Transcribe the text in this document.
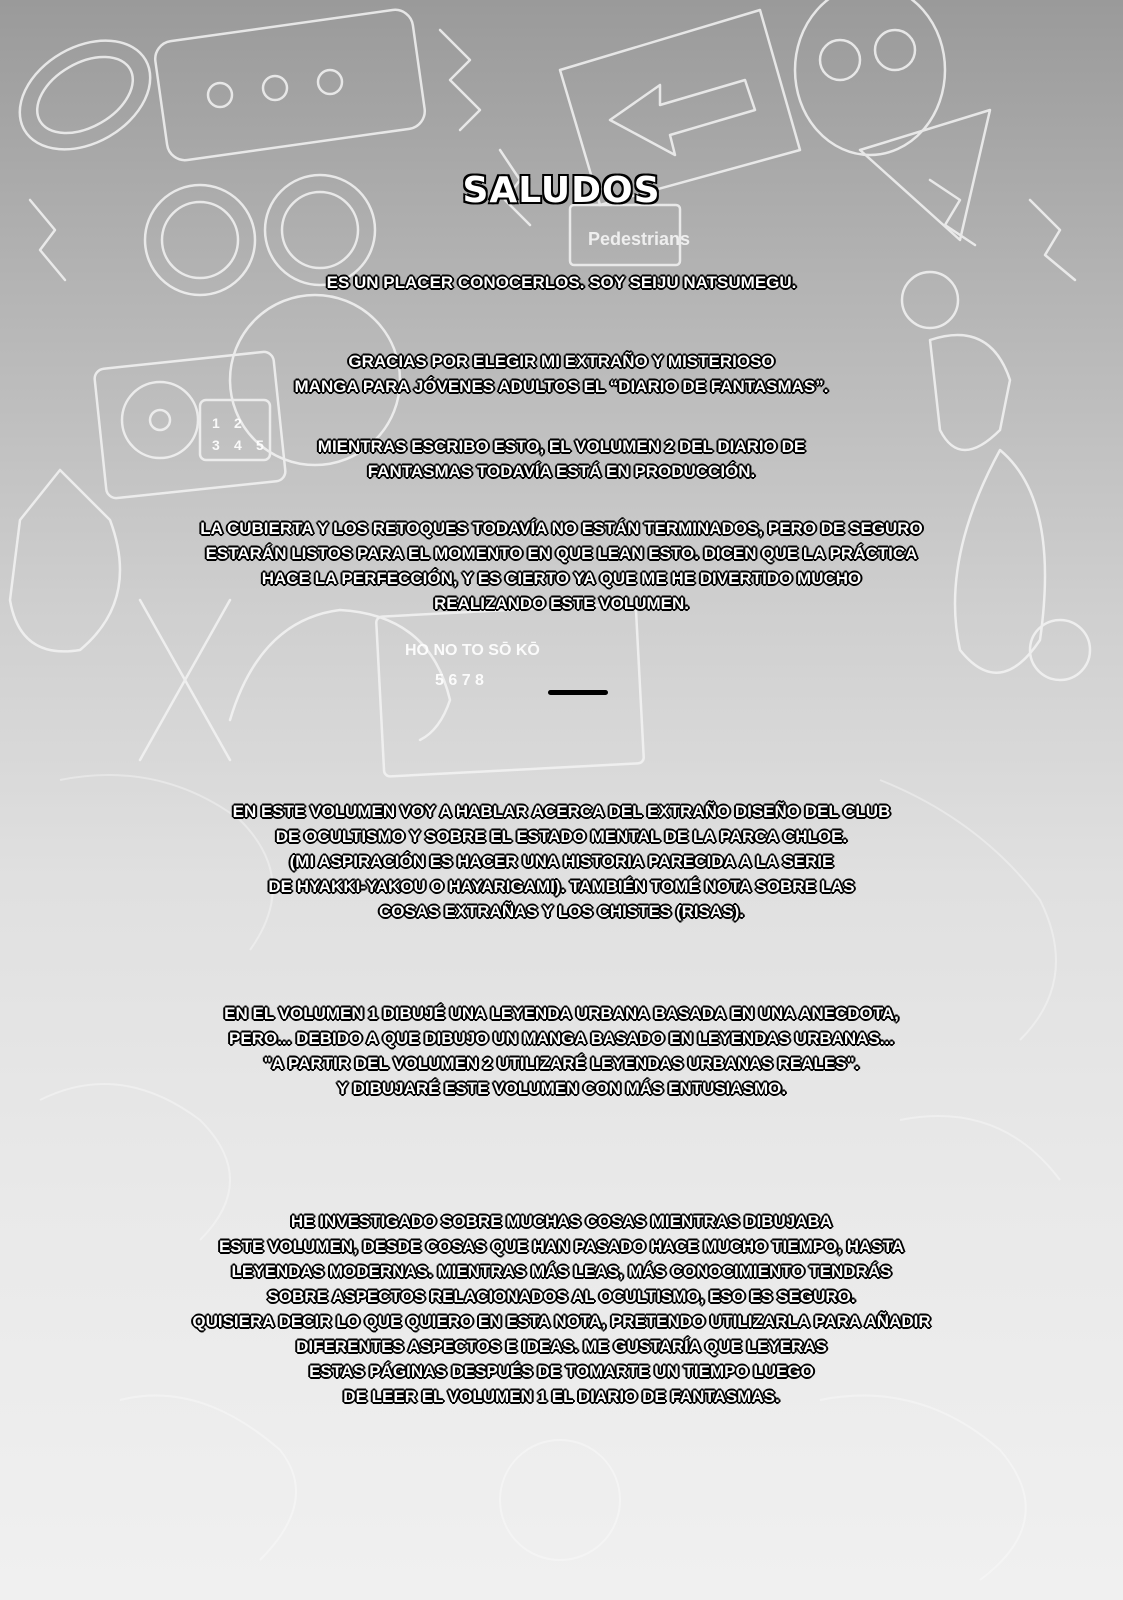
Pedestrians
HO NO TO SŌ KŌ
5 6 7 8
1 2
3 4 5
SALUDOS

ES UN PLACER CONOCERLOS. SOY SEIJU NATSUMEGU.

GRACIAS POR ELEGIR MI EXTRAÑO Y MISTERIOSO
MANGA PARA JÓVENES ADULTOS EL “DIARIO DE FANTASMAS”.

MIENTRAS ESCRIBO ESTO, EL VOLUMEN 2 DEL DIARIO DE
FANTASMAS TODAVÍA ESTÁ EN PRODUCCIÓN.

LA CUBIERTA Y LOS RETOQUES TODAVÍA NO ESTÁN TERMINADOS, PERO DE SEGURO
ESTARÁN LISTOS PARA EL MOMENTO EN QUE LEAN ESTO. DICEN QUE LA PRÁCTICA
HACE LA PERFECCIÓN, Y ES CIERTO YA QUE ME HE DIVERTIDO MUCHO
REALIZANDO ESTE VOLUMEN.

EN ESTE VOLUMEN VOY A HABLAR ACERCA DEL EXTRAÑO DISEÑO DEL CLUB
DE OCULTISMO Y SOBRE EL ESTADO MENTAL DE LA PARCA CHLOE.
(MI ASPIRACIÓN ES HACER UNA HISTORIA PARECIDA A LA SERIE
DE HYAKKI-YAKOU O HAYARIGAMI). TAMBIÉN TOMÉ NOTA SOBRE LAS
COSAS EXTRAÑAS Y LOS CHISTES (RISAS).

EN EL VOLUMEN 1 DIBUJÉ UNA LEYENDA URBANA BASADA EN UNA ANECDOTA,
PERO... DEBIDO A QUE DIBUJO UN MANGA BASADO EN LEYENDAS URBANAS...
"A PARTIR DEL VOLUMEN 2 UTILIZARÉ LEYENDAS URBANAS REALES".
Y DIBUJARÉ ESTE VOLUMEN CON MÁS ENTUSIASMO.

HE INVESTIGADO SOBRE MUCHAS COSAS MIENTRAS DIBUJABA
ESTE VOLUMEN, DESDE COSAS QUE HAN PASADO HACE MUCHO TIEMPO, HASTA
LEYENDAS MODERNAS. MIENTRAS MÁS LEAS, MÁS CONOCIMIENTO TENDRÁS
SOBRE ASPECTOS RELACIONADOS AL OCULTISMO, ESO ES SEGURO.
QUISIERA DECIR LO QUE QUIERO EN ESTA NOTA, PRETENDO UTILIZARLA PARA AÑADIR
DIFERENTES ASPECTOS E IDEAS. ME GUSTARÍA QUE LEYERAS
ESTAS PÁGINAS DESPUÉS DE TOMARTE UN TIEMPO LUEGO
DE LEER EL VOLUMEN 1 EL DIARIO DE FANTASMAS.
